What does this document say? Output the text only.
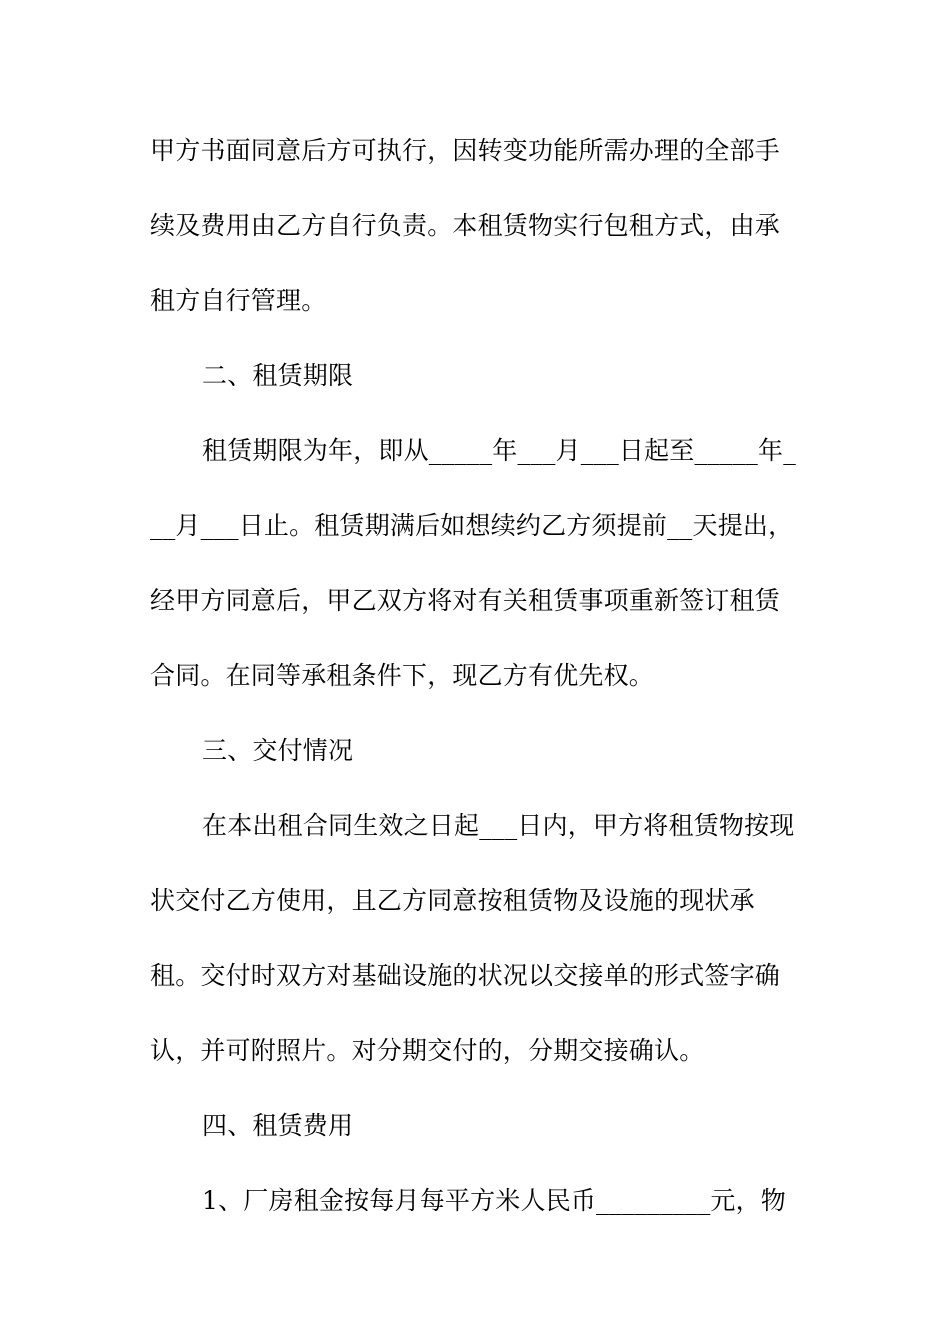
甲方书面同意后方可执行，因转变功能所需办理的全部手
续及费用由乙方自行负责。本租赁物实行包租方式，由承
租方自行管理。
二、租赁期限
租赁期限为年，即从_____年___月___日起至_____年_
__月___日止。租赁期满后如想续约乙方须提前__天提出，
经甲方同意后，甲乙双方将对有关租赁事项重新签订租赁
合同。在同等承租条件下，现乙方有优先权。
三、交付情况
在本出租合同生效之日起___日内，甲方将租赁物按现
状交付乙方使用，且乙方同意按租赁物及设施的现状承
租。交付时双方对基础设施的状况以交接单的形式签字确
认，并可附照片。对分期交付的，分期交接确认。
四、租赁费用
1、厂房租金按每月每平方米人民币_________元，物
